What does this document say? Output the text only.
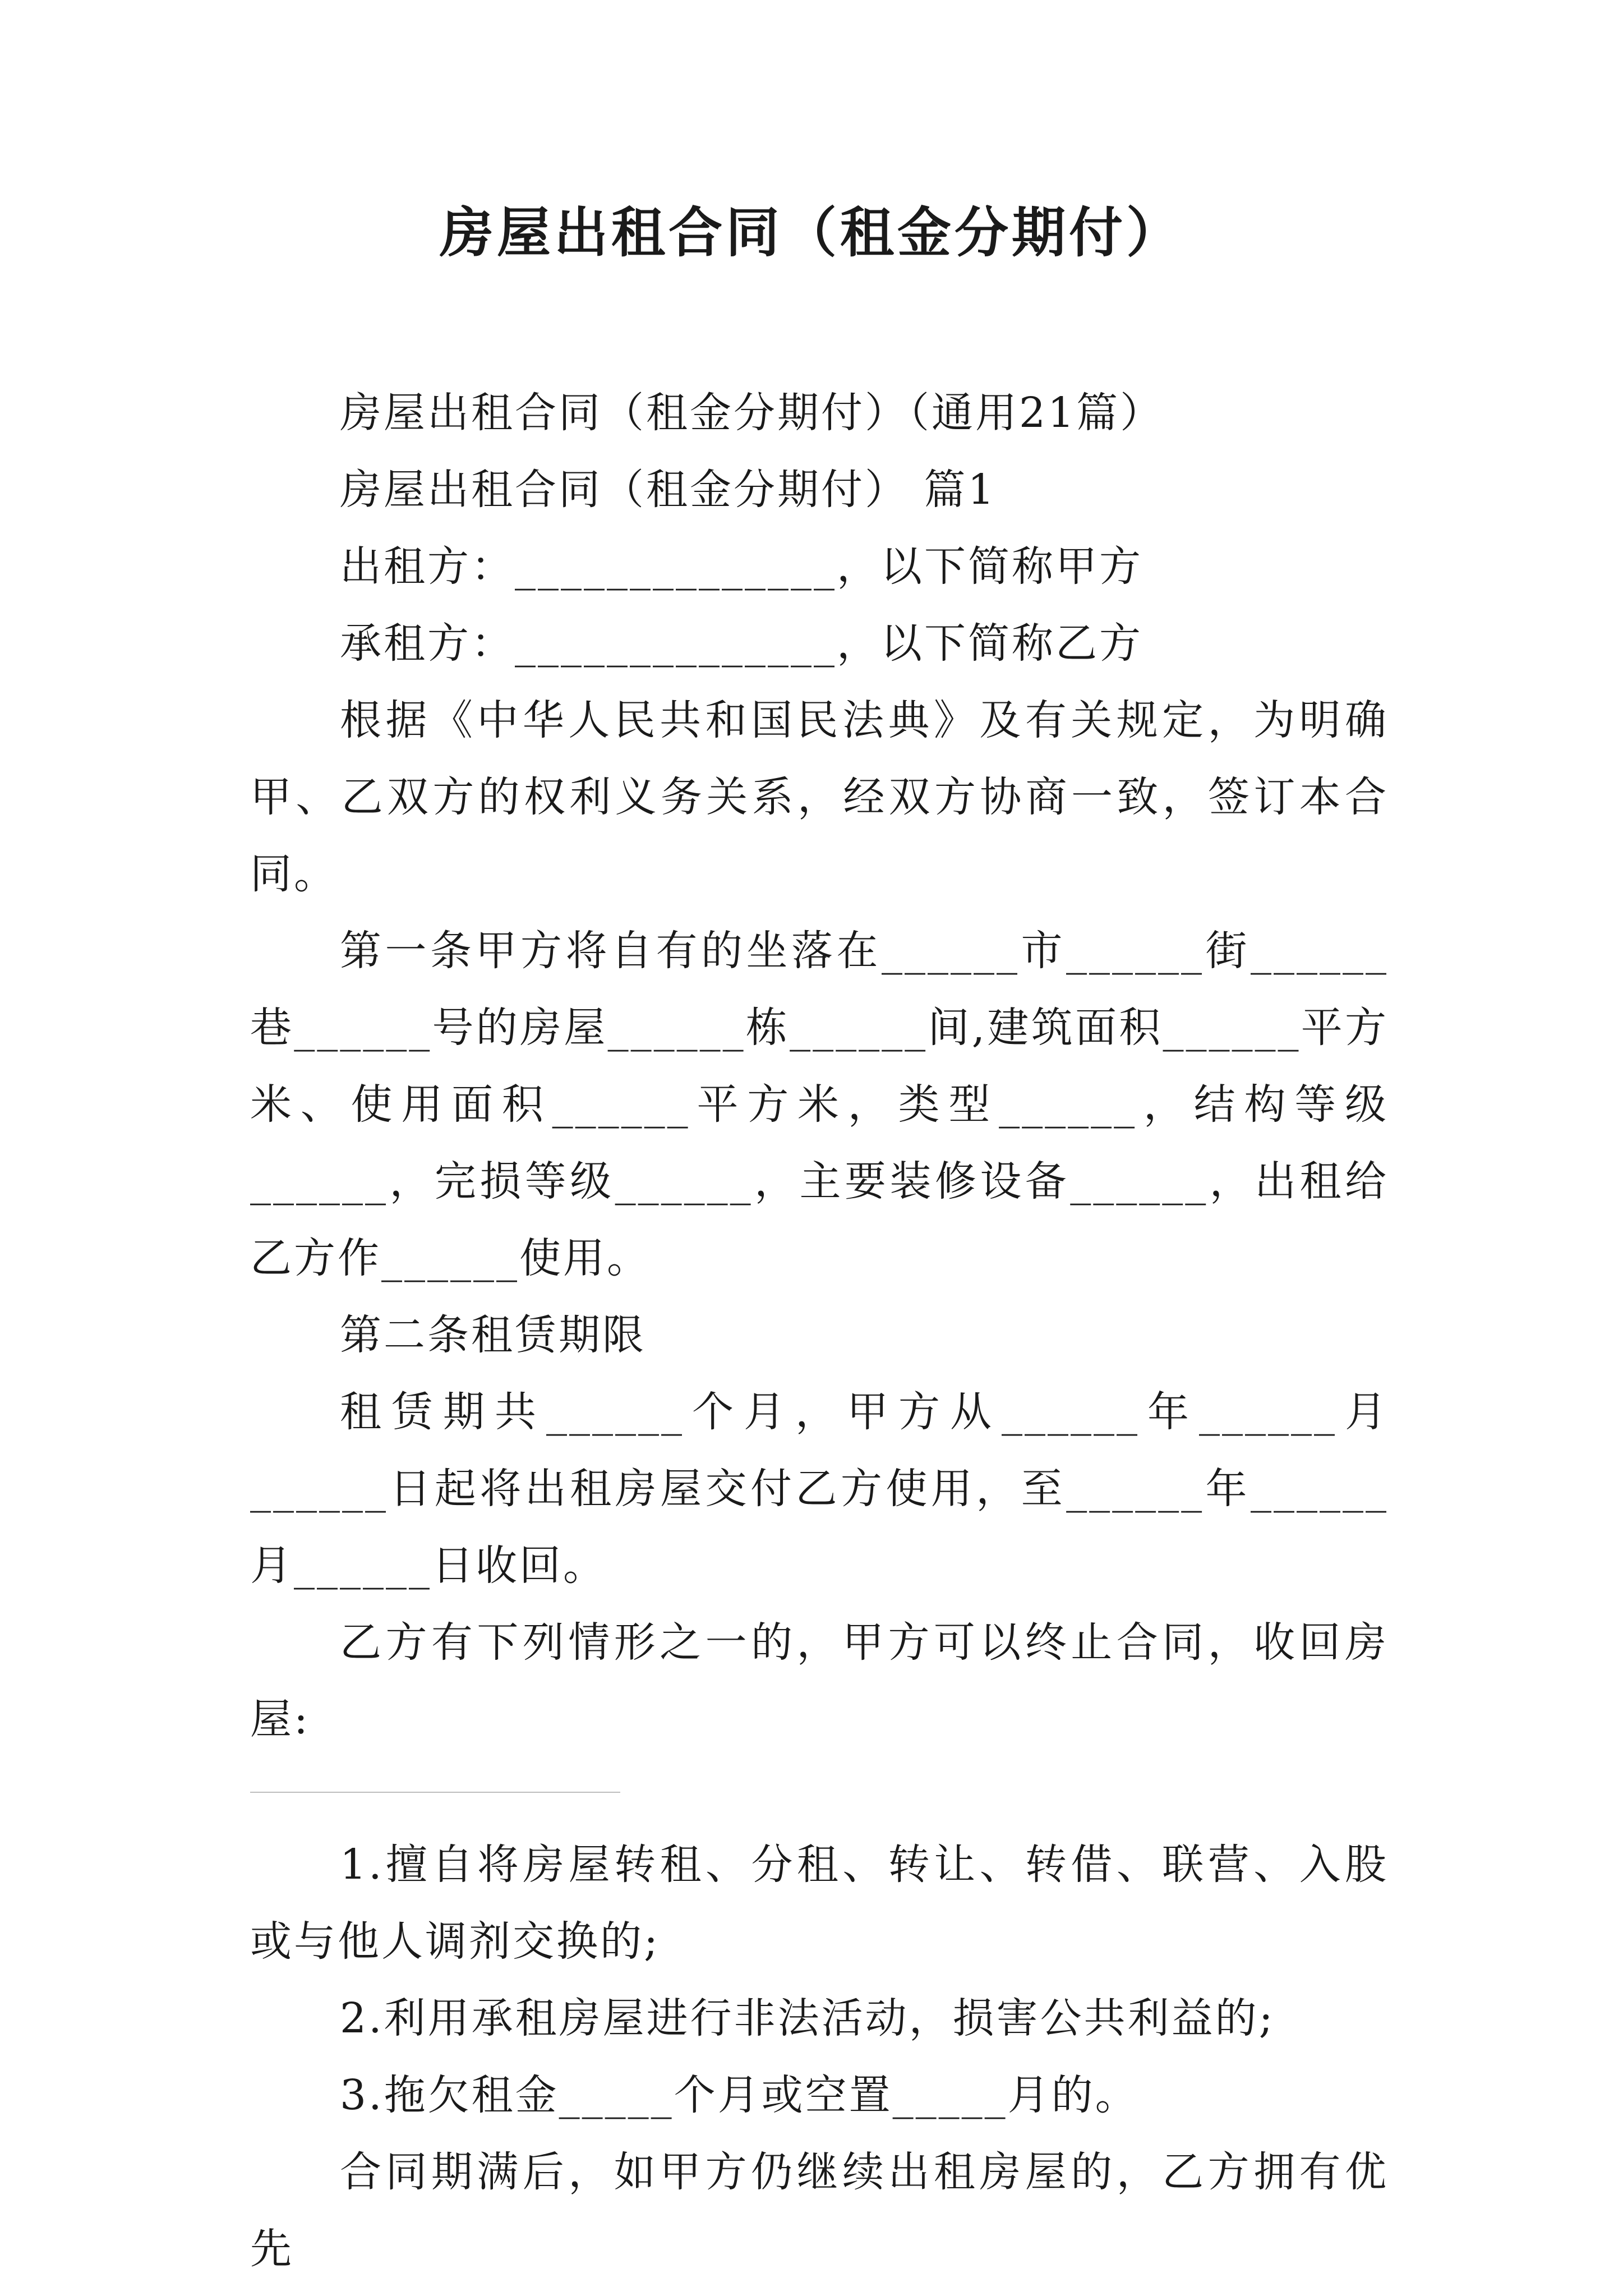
房屋出租合同（租金分期付）

房屋出租合同（租金分期付）（通用21篇）

房屋出租合同（租金分期付） 篇1

出租方：______________，以下简称甲方

承租方：______________，以下简称乙方

根据《中华人民共和国民法典》及有关规定，为明确甲、乙双方的权利义务关系，经双方协商一致，签订本合同。

第一条甲方将自有的坐落在______市______街______巷______号的房屋______栋______间,建筑面积______平方米、使用面积______平方米，类型______，结构等级______，完损等级______，主要装修设备______，出租给乙方作______使用。

第二条租赁期限

租赁期共______个月，甲方从______年______月______日起将出租房屋交付乙方使用，至______年______月______日收回。

乙方有下列情形之一的，甲方可以终止合同，收回房屋:

1.擅自将房屋转租、分租、转让、转借、联营、入股或与他人调剂交换的;

2.利用承租房屋进行非法活动，损害公共利益的;

3.拖欠租金_____个月或空置_____月的。

合同期满后，如甲方仍继续出租房屋的，乙方拥有优先
